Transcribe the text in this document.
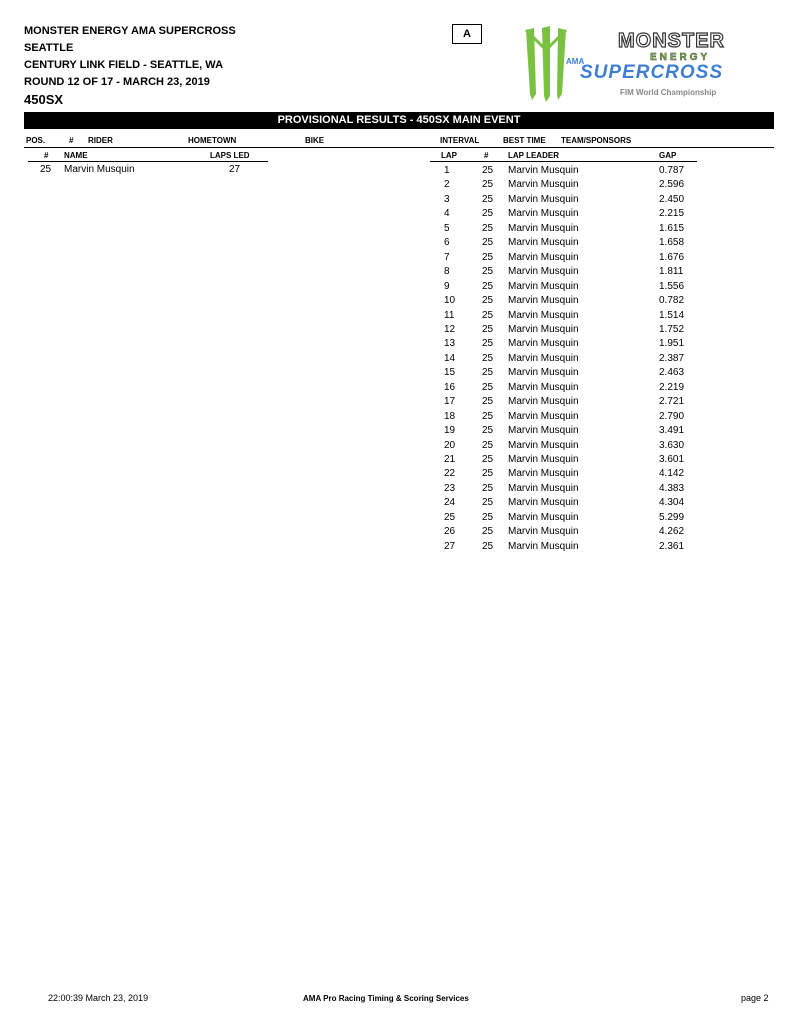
MONSTER ENERGY AMA SUPERCROSS
SEATTLE
CENTURY LINK FIELD - SEATTLE, WA
ROUND 12 OF 17 - MARCH 23, 2019
450SX
A	MONSTER
ENERGY
AMA
SUPERCROSS
FIM World Championship
PROVISIONAL RESULTS - 450SX MAIN EVENT
POS.	# RIDER	HOMETOWN	BIKE	INTERVAL	BEST TIME TEAM/SPONSORS
# NAME	LAPS LED
25 Marvin Musquin	27
LAP	# LAP LEADER	GAP
1	25 Marvin Musquin	0.787
2	25 Marvin Musquin	2.596
3	25 Marvin Musquin	2.450
4	25 Marvin Musquin	2.215
5	25 Marvin Musquin	1.615
6	25 Marvin Musquin	1.658
7	25 Marvin Musquin	1.676
8	25 Marvin Musquin	1.811
9	25 Marvin Musquin	1.556
10	25 Marvin Musquin	0.782
11	25 Marvin Musquin	1.514
12	25 Marvin Musquin	1.752
13	25 Marvin Musquin	1.951
14	25 Marvin Musquin	2.387
15	25 Marvin Musquin	2.463
16	25 Marvin Musquin	2.219
17	25 Marvin Musquin	2.721
18	25 Marvin Musquin	2.790
19	25 Marvin Musquin	3.491
20	25 Marvin Musquin	3.630
21	25 Marvin Musquin	3.601
22	25 Marvin Musquin	4.142
23	25 Marvin Musquin	4.383
24	25 Marvin Musquin	4.304
25	25 Marvin Musquin	5.299
26	25 Marvin Musquin	4.262
27	25 Marvin Musquin	2.361
22:00:39 March 23, 2019	AMA Pro Racing Timing & Scoring Services	page 2
